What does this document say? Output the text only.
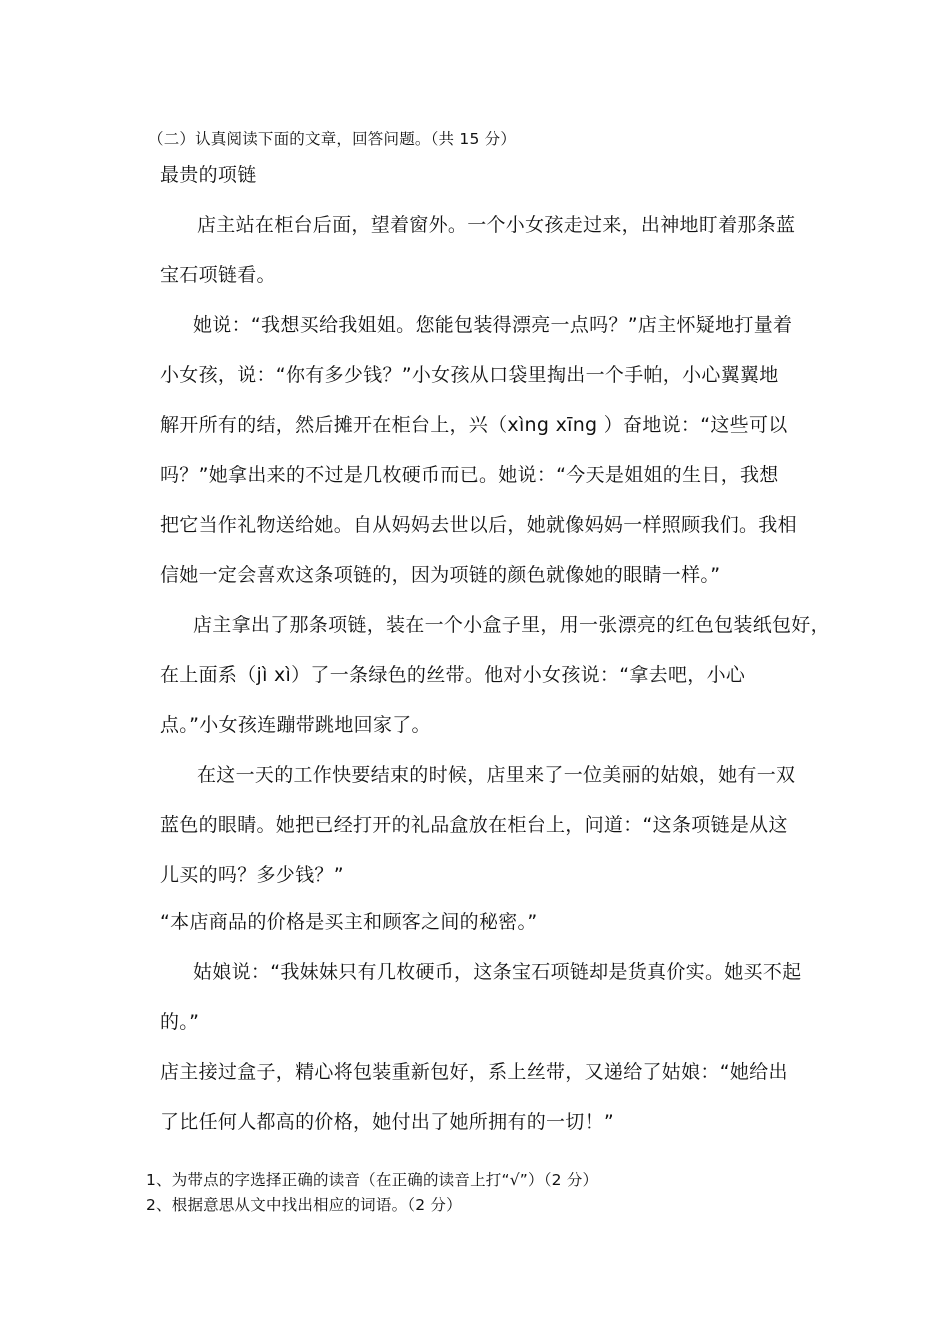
（二）认真阅读下面的文章，回答问题。（共 15 分）
最贵的项链
店主站在柜台后面，望着窗外。一个小女孩走过来，出神地盯着那条蓝
宝石项链看。
她说：“我想买给我姐姐。您能包装得漂亮一点吗？”店主怀疑地打量着
小女孩，说：“你有多少钱？”小女孩从口袋里掏出一个手帕，小心翼翼地
解开所有的结，然后摊开在柜台上，兴（xìng xīng ）奋地说：“这些可以
吗？”她拿出来的不过是几枚硬币而已。她说：“今天是姐姐的生日，我想
把它当作礼物送给她。自从妈妈去世以后，她就像妈妈一样照顾我们。我相
信她一定会喜欢这条项链的，因为项链的颜色就像她的眼睛一样。”
店主拿出了那条项链，装在一个小盒子里，用一张漂亮的红色包装纸包好，
在上面系（jì xì）了一条绿色的丝带。他对小女孩说：“拿去吧，小心
点。”小女孩连蹦带跳地回家了。
在这一天的工作快要结束的时候，店里来了一位美丽的姑娘，她有一双
蓝色的眼睛。她把已经打开的礼品盒放在柜台上，问道：“这条项链是从这
儿买的吗？多少钱？”
“本店商品的价格是买主和顾客之间的秘密。”
姑娘说：“我妹妹只有几枚硬币，这条宝石项链却是货真价实。她买不起
的。”
店主接过盒子，精心将包装重新包好，系上丝带，又递给了姑娘：“她给出
了比任何人都高的价格，她付出了她所拥有的一切！”
1、为带点的字选择正确的读音（在正确的读音上打“√”）（2 分）
2、根据意思从文中找出相应的词语。（2 分）
